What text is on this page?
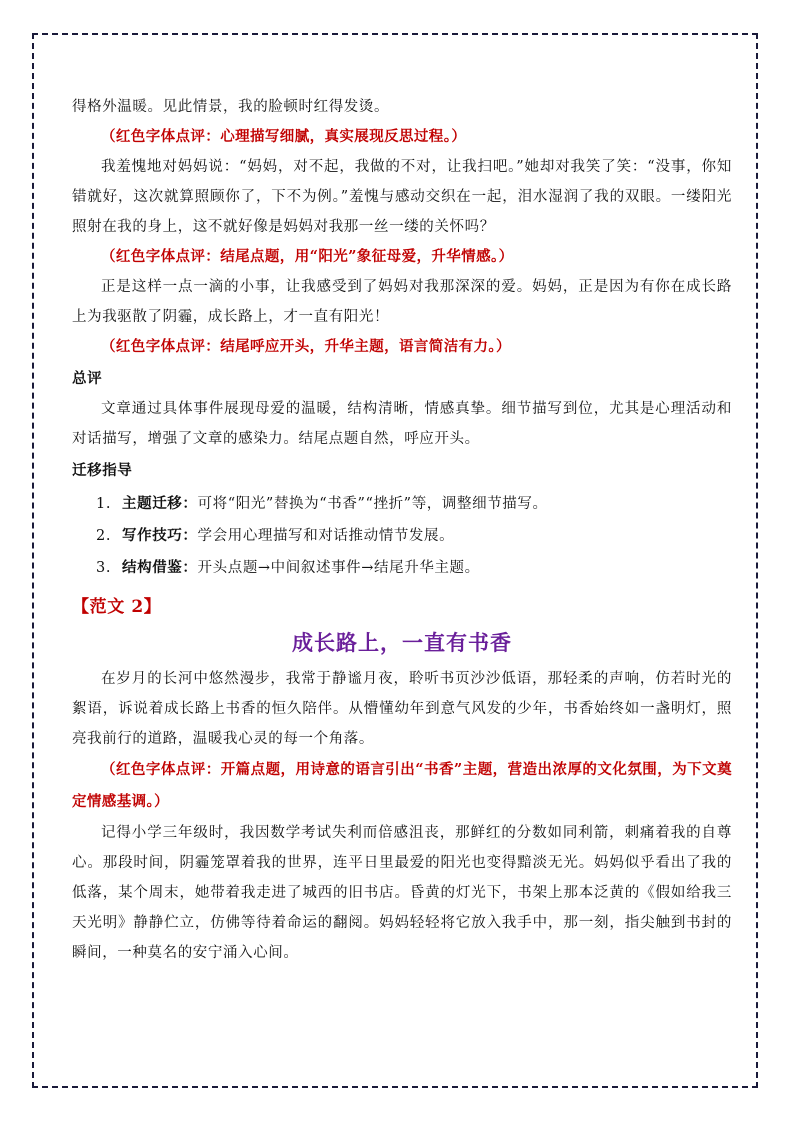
得格外温暖。见此情景，我的脸顿时红得发烫。

（红色字体点评：心理描写细腻，真实展现反思过程。）

我羞愧地对妈妈说：“妈妈，对不起，我做的不对，让我扫吧。”她却对我笑了笑：“没事，你知错就好，这次就算照顾你了，下不为例。”羞愧与感动交织在一起，泪水湿润了我的双眼。一缕阳光照射在我的身上，这不就好像是妈妈对我那一丝一缕的关怀吗？

（红色字体点评：结尾点题，用“阳光”象征母爱，升华情感。）

正是这样一点一滴的小事，让我感受到了妈妈对我那深深的爱。妈妈，正是因为有你在成长路上为我驱散了阴霾，成长路上，才一直有阳光！

（红色字体点评：结尾呼应开头，升华主题，语言简洁有力。）

总评

文章通过具体事件展现母爱的温暖，结构清晰，情感真挚。细节描写到位，尤其是心理活动和对话描写，增强了文章的感染力。结尾点题自然，呼应开头。

迁移指导

1. 主题迁移：可将“阳光”替换为“书香”“挫折”等，调整细节描写。
2. 写作技巧：学会用心理描写和对话推动情节发展。
3. 结构借鉴：开头点题→中间叙述事件→结尾升华主题。

【范文 2】

成长路上，一直有书香

在岁月的长河中悠然漫步，我常于静谧月夜，聆听书页沙沙低语，那轻柔的声响，仿若时光的絮语，诉说着成长路上书香的恒久陪伴。从懵懂幼年到意气风发的少年，书香始终如一盏明灯，照亮我前行的道路，温暖我心灵的每一个角落。

（红色字体点评：开篇点题，用诗意的语言引出“书香”主题，营造出浓厚的文化氛围，为下文奠定情感基调。）

记得小学三年级时，我因数学考试失利而倍感沮丧，那鲜红的分数如同利箭，刺痛着我的自尊心。那段时间，阴霾笼罩着我的世界，连平日里最爱的阳光也变得黯淡无光。妈妈似乎看出了我的低落，某个周末，她带着我走进了城西的旧书店。昏黄的灯光下，书架上那本泛黄的《假如给我三天光明》静静伫立，仿佛等待着命运的翻阅。妈妈轻轻将它放入我手中，那一刻，指尖触到书封的瞬间，一种莫名的安宁涌入心间。
